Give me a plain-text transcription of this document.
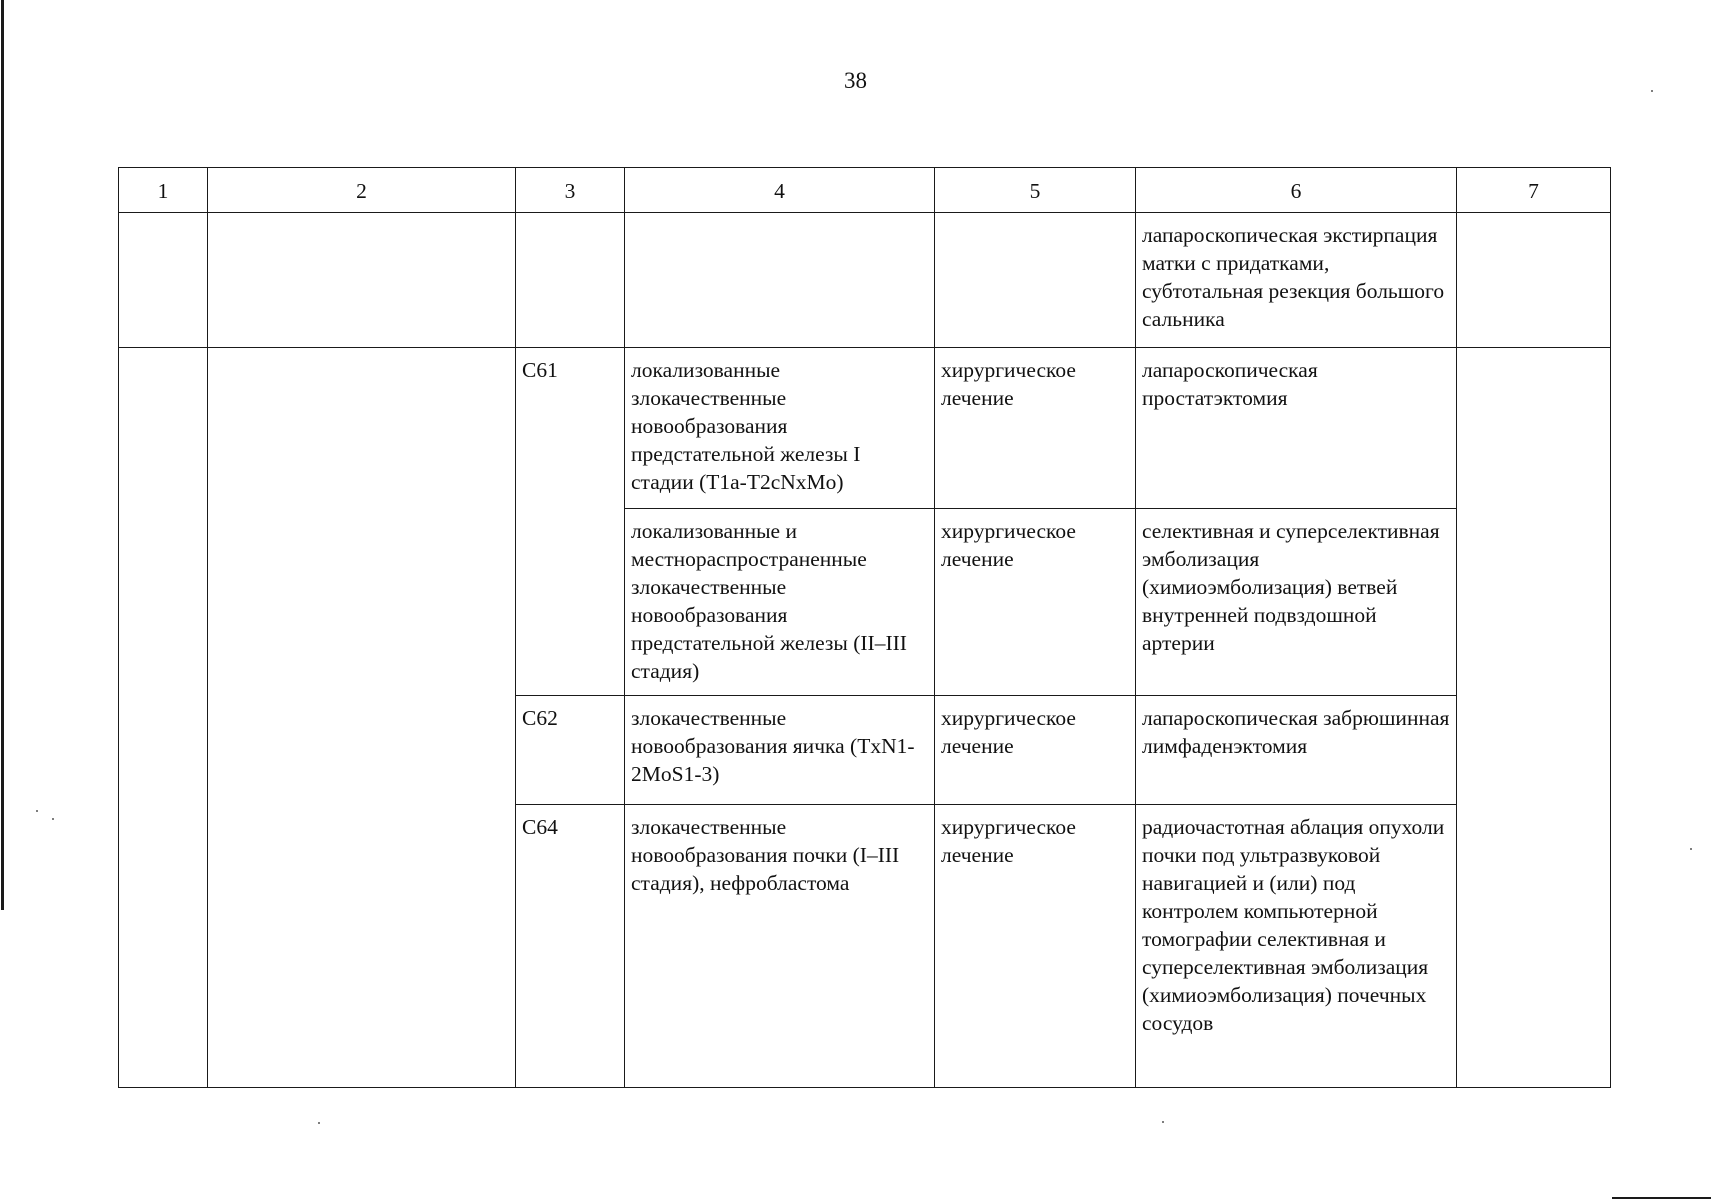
38
1	2	3	4	5	6	7

					лапароскопическая экстирпация матки с придатками, субтотальная резекция большого сальника	

		C61	локализованные злокачественные новообразования предстательной железы I стадии (T1a-T2cNxMo)	хирургическое лечение	лапароскопическая простатэктомия	

			локализованные и местнораспространенные злокачественные новообразования предстательной железы (II–III стадия)	хирургическое лечение	селективная и суперселективная эмболизация (химиоэмболизация) ветвей внутренней подвздошной артерии	

		C62	злокачественные новообразования яичка (TxN1-2MoS1-3)	хирургическое лечение	лапароскопическая забрюшинная лимфаденэктомия	

		C64	злокачественные новообразования почки (I–III стадия), нефробластома	хирургическое лечение	радиочастотная аблация опухоли почки под ультразвуковой навигацией и (или) под контролем компьютерной томографии селективная и суперселективная эмболизация (химиоэмболизация) почечных сосудов	
